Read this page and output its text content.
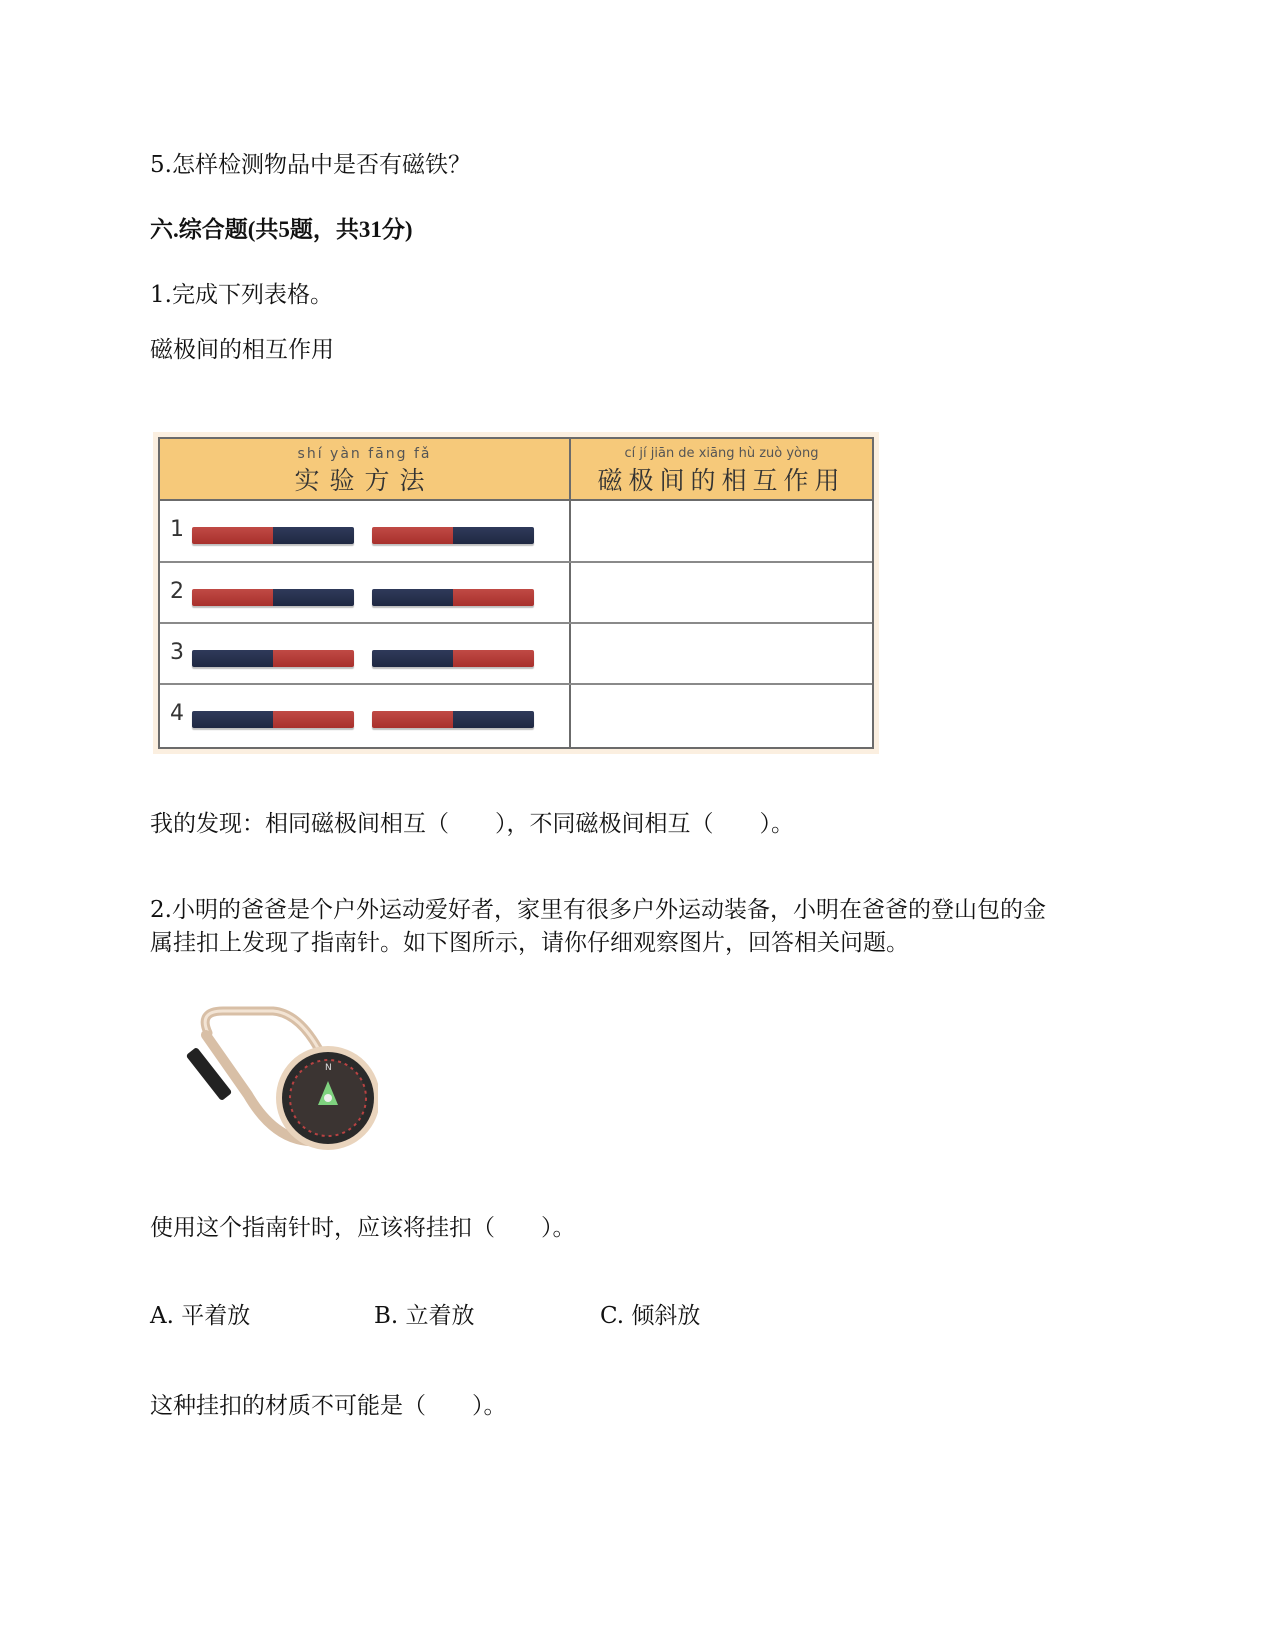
5.怎样检测物品中是否有磁铁？
六.综合题(共5题，共31分)
1.完成下列表格。
磁极间的相互作用
shí yàn fāng fǎ
实验方法
cí jí jiān de xiāng hù zuò yòng
磁极间的相互作用
1
2
3
4
我的发现：相同磁极间相互（　　），不同磁极间相互（　　）。
2.小明的爸爸是个户外运动爱好者，家里有很多户外运动装备，小明在爸爸的登山包的金
属挂扣上发现了指南针。如下图所示，请你仔细观察图片，回答相关问题。
N
使用这个指南针时，应该将挂扣（　　）。
A. 平着放	B. 立着放	C. 倾斜放
这种挂扣的材质不可能是（　　）。
